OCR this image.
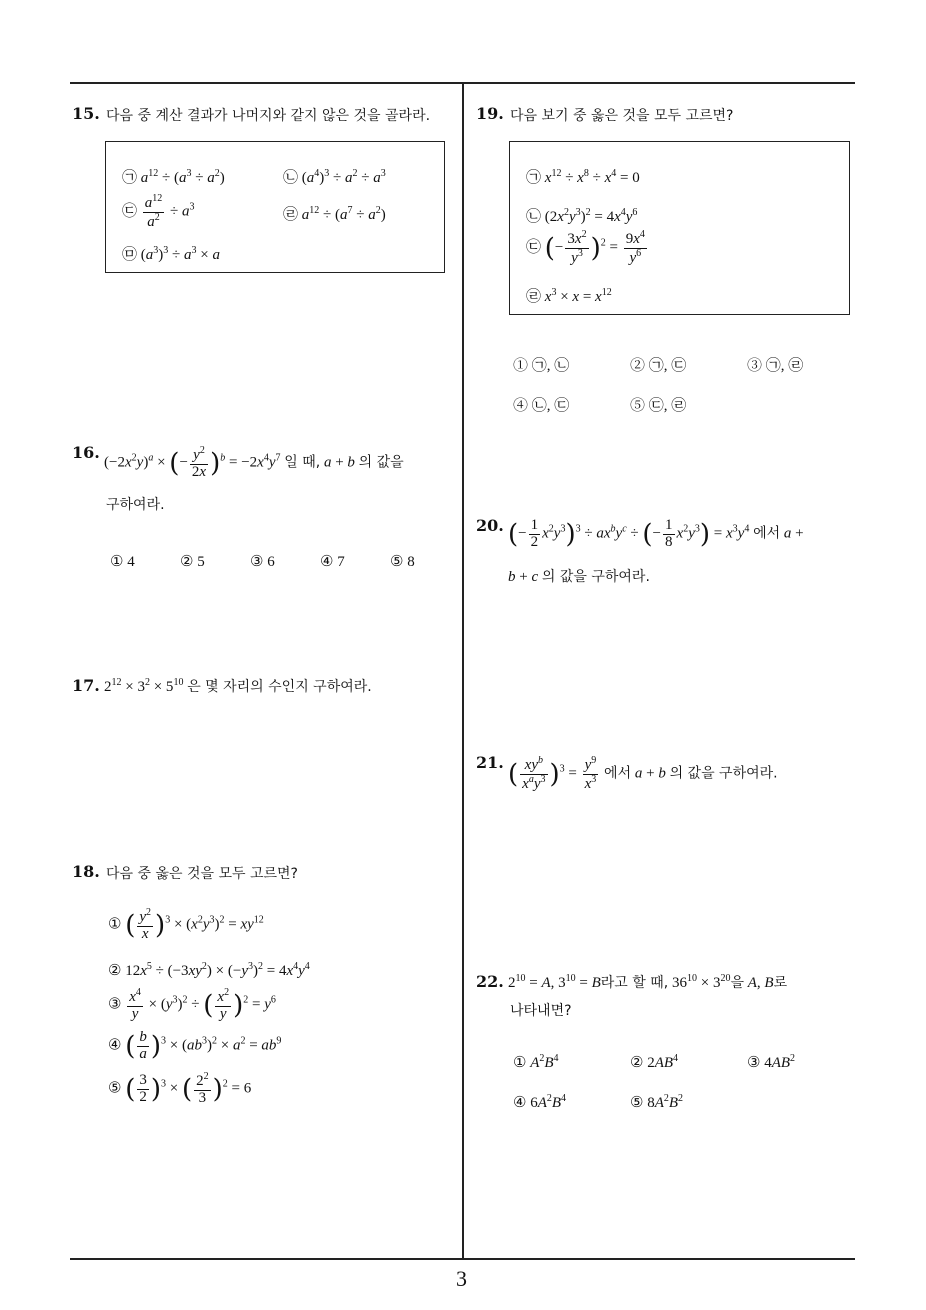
3
15. 다음 중 계산 결과가 나머지와 같지 않은 것을 골라라.
㉠ $a^{12} \div (a^3 \div a^2)$	㉡ $(a^4)^3 \div a^2 \div a^3$
㉢ $\frac{a^{12}}{a^2} \div a^3$	㉣ $a^{12} \div (a^7 \div a^2)$
㉤ $(a^3)^3 \div a^3 \times a$
16.
$(-2x^2y)^a$ × (− $\frac{y^2}{2x} )^b = -2x^4y^7$ 일 때, a + b 의 값을
구하여라.
① 4	② 5	③ 6	④ 7	⑤ 8
17. $2^{12} \times 3^2 \times 5^{10}$ 은 몇 자리의 수인지 구하여라.
18. 다음 중 옳은 것을 모두 고르면?
① ( $\frac{y^2}{x} )^3 \times (x^2y^3)^2 = xy^{12}$
② $12x^5 \div (-3xy^2) \times (-y^3)^2 = 4x^4y^4$
③ $\frac{x^4}{y} \times (y^3)^2$ ÷ ( $\frac{x^2}{y} )^2 = y^6$
④ ( $\frac{b}{a} )^3 \times (ab^3)^2 \times a^2 = ab^9$
⑤ ( $\frac{3}{2} )^3$ × ( $\frac{2^2}{3} )^2 = 6$
19. 다음 보기 중 옳은 것을 모두 고르면?
㉠ $x^{12} \div x^8 \div x^4 = 0$
㉡ $(2x^2y^3)^2 = 4x^4y^6$
㉢ (− $\frac{3x^2}{y^3} )^2 = \frac{9x^4}{y^6}$
㉣ $x^3 \times x = x^{12}$
① ㉠, ㉡	② ㉠, ㉢	③ ㉠, ㉣
④ ㉡, ㉢	⑤ ㉢, ㉣
20. (− $\frac{1}{2} x^2y^3)^3 \div ax^by^c$ ÷ (− $\frac{1}{8} x^2y^3) = x^3y^4$ 에서 a +
b + c 의 값을 구하여라.
21. ( $\frac{xy^b}{x^ay^3} )^3 = \frac{y^9}{x^3}$ 에서 a + b 의 값을 구하여라.
22. $2^{10} = A$, $3^{10} = B$라고 할 때, $36^{10} \times 3^{20}$을 A, B로
나타내면?
① $A^2B^4$	② $2AB^4$	③ $4AB^2$
④ $6A^2B^4$	⑤ $8A^2B^2$
